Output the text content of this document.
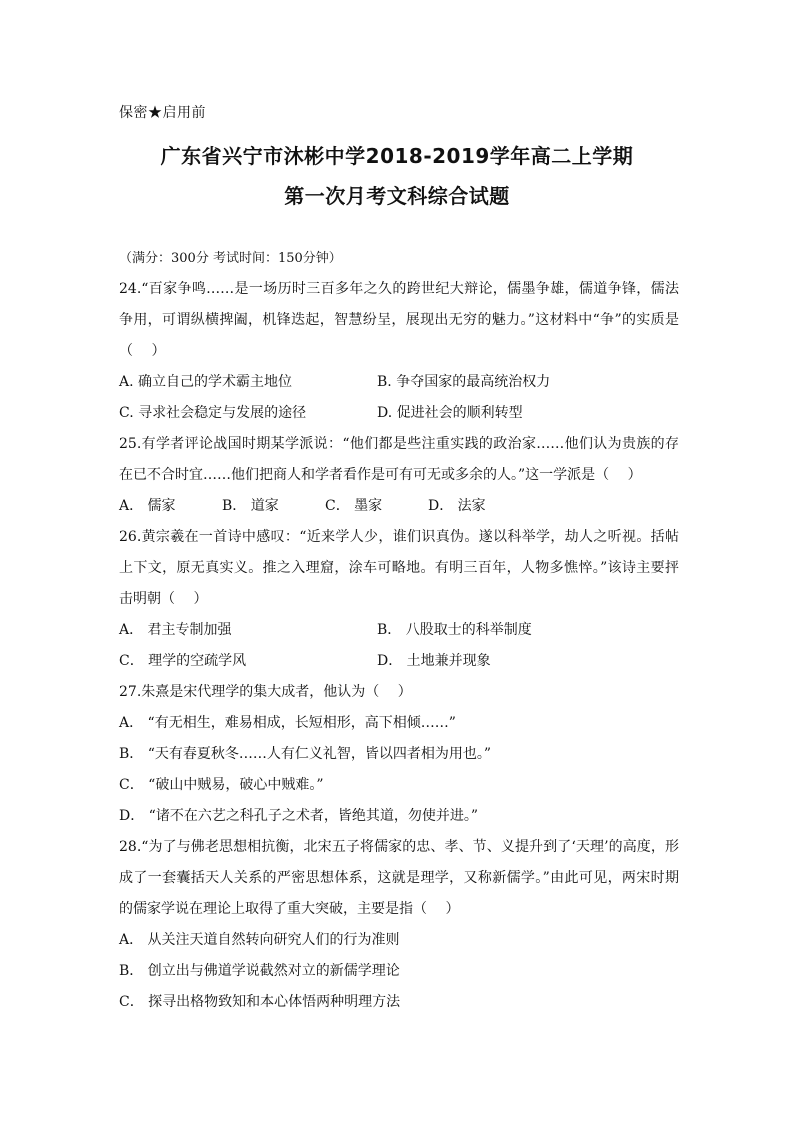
保密★启用前
广东省兴宁市沐彬中学2018-2019学年高二上学期
第一次月考文科综合试题
（满分：300分 考试时间：150分钟）

24.“百家争鸣……是一场历时三百多年之久的跨世纪大辩论，儒墨争雄，儒道争锋，儒法争用，可谓纵横捭阖，机锋迭起，智慧纷呈，展现出无穷的魅力。”这材料中“争”的实质是（　 ）

A. 确立自己的学术霸主地位	B. 争夺国家的最高统治权力
C. 寻求社会稳定与发展的途径	D. 促进社会的顺利转型

25.有学者评论战国时期某学派说：“他们都是些注重实践的政治家……他们认为贵族的存在已不合时宜……他们把商人和学者看作是可有可无或多余的人。”这一学派是（　 ）

A． 儒家	B． 道家	C． 墨家	D． 法家

26.黄宗羲在一首诗中感叹：“近来学人少，谁们识真伪。遂以科举学，劫人之听视。括帖上下文，原无真实义。推之入理窟，涂车可略地。有明三百年，人物多憔悴。”该诗主要抨击明朝（　 ）

A． 君主专制加强	B． 八股取士的科举制度
C． 理学的空疏学风	D． 土地兼并现象

27.朱熹是宋代理学的集大成者，他认为（　 ）

A． “有无相生，难易相成，长短相形，高下相倾……”
B． “天有春夏秋冬……人有仁义礼智，皆以四者相为用也。”
C． “破山中贼易，破心中贼难。”
D． “诸不在六艺之科孔子之术者，皆绝其道，勿使并进。”

28.“为了与佛老思想相抗衡，北宋五子将儒家的忠、孝、节、义提升到了‘天理’的高度，形成了一套囊括天人关系的严密思想体系，这就是理学，又称新儒学。”由此可见，两宋时期的儒家学说在理论上取得了重大突破，主要是指（　 ）

A． 从关注天道自然转向研究人们的行为准则
B． 创立出与佛道学说截然对立的新儒学理论
C． 探寻出格物致知和本心体悟两种明理方法
